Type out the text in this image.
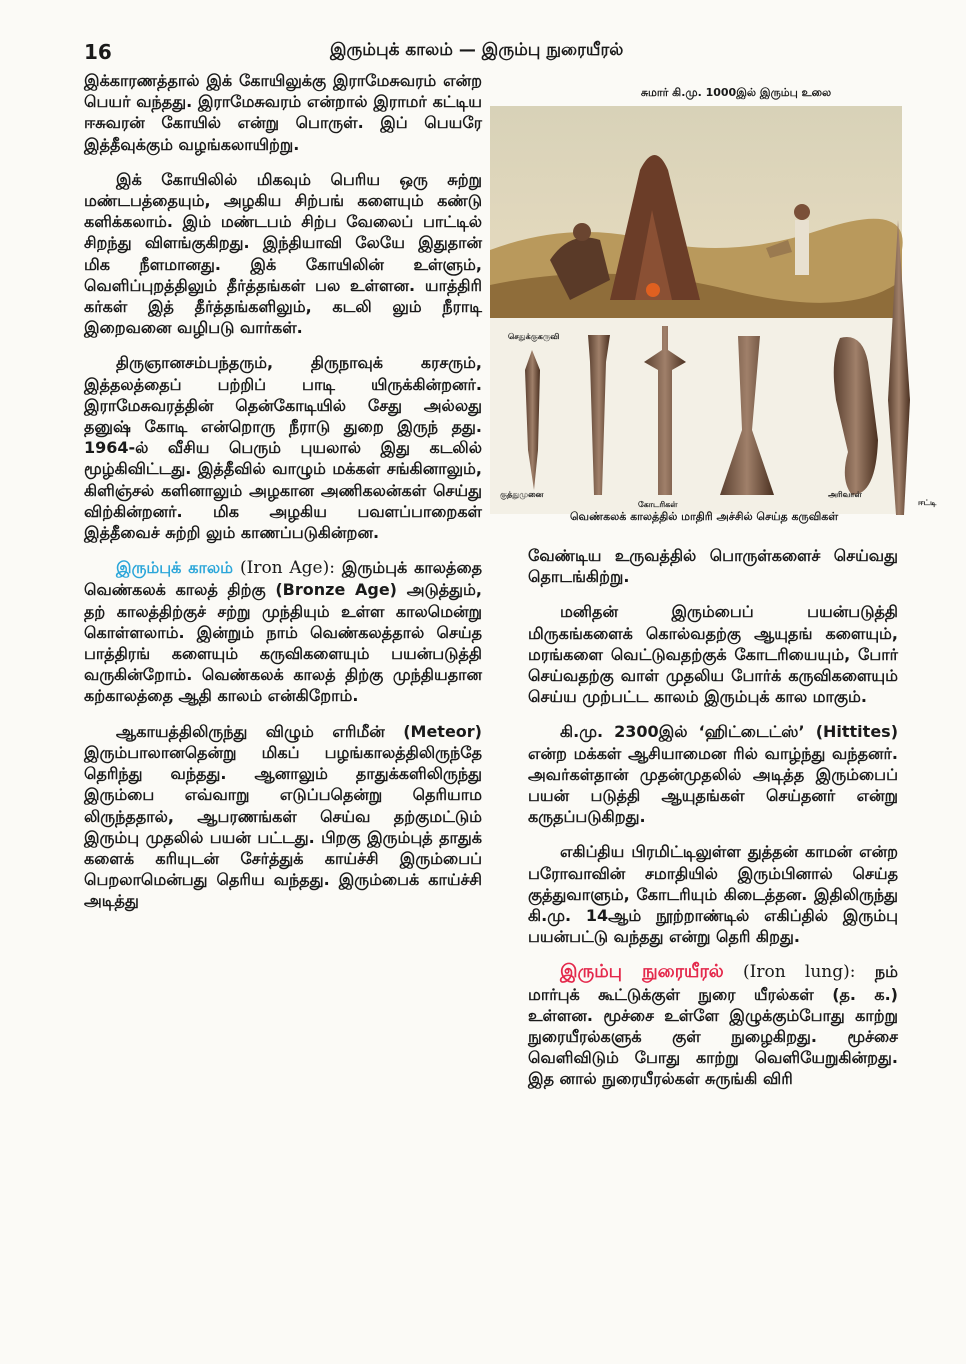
16	இரும்புக் காலம் — இரும்பு நுரையீரல்

இக்காரணத்தால் இக் கோயிலுக்கு இராமேசுவரம் என்ற பெயர் வந்தது. இராமேசுவரம் என்றால் இராமர் கட்டிய ஈசுவரன் கோயில் என்று பொருள். இப் பெயரே இத்தீவுக்கும் வழங்கலாயிற்று.

இக் கோயிலில் மிகவும் பெரிய ஒரு சுற்று மண்டபத்தையும், அழகிய சிற்பங் களையும் கண்டு களிக்கலாம். இம் மண்டபம் சிற்ப வேலைப் பாட்டில் சிறந்து விளங்குகிறது. இந்தியாவி லேயே இதுதான் மிக நீளமானது. இக் கோயிலின் உள்ளும், வெளிப்புறத்திலும் தீர்த்தங்கள் பல உள்ளன. யாத்திரி கர்கள் இத் தீர்த்தங்களிலும், கடலி லும் நீராடி இறைவனை வழிபடு வார்கள்.

திருஞானசம்பந்தரும், திருநாவுக் கரசரும், இத்தலத்தைப் பற்றிப் பாடி யிருக்கின்றனர். இராமேசுவரத்தின் தென்கோடியில் சேது அல்லது தனுஷ் கோடி என்றொரு நீராடு துறை இருந் தது. 1964-ல் வீசிய பெரும் புயலால் இது கடலில் மூழ்கிவிட்டது. இத்தீவில் வாழும் மக்கள் சங்கினாலும், கிளிஞ்சல் களினாலும் அழகான அணிகலன்கள் செய்து விற்கின்றனர். மிக அழகிய பவளப்பாறைகள் இத்தீவைச் சுற்றி லும் காணப்படுகின்றன.

இரும்புக் காலம் (Iron Age): இரும்புக் காலத்தை வெண்கலக் காலத் திற்கு (Bronze Age) அடுத்தும், தற் காலத்திற்குச் சற்று முந்தியும் உள்ள காலமென்று கொள்ளலாம். இன்றும் நாம் வெண்கலத்தால் செய்த பாத்திரங் களையும் கருவிகளையும் பயன்படுத்தி வருகின்றோம். வெண்கலக் காலத் திற்கு முந்தியதான கற்காலத்தை ஆதி காலம் என்கிறோம்.

ஆகாயத்திலிருந்து விழும் எரிமீன் (Meteor) இரும்பாலானதென்று மிகப் பழங்காலத்திலிருந்தே தெரிந்து வந்தது. ஆனாலும் தாதுக்களிலிருந்து இரும்பை எவ்வாறு எடுப்பதென்று தெரியாம லிருந்ததால், ஆபரணங்கள் செய்வ தற்குமட்டும் இரும்பு முதலில் பயன் பட்டது. பிறகு இரும்புத் தாதுக் களைக் கரியுடன் சேர்த்துக் காய்ச்சி இரும்பைப் பெறலாமென்பது தெரிய வந்தது. இரும்பைக் காய்ச்சி அடித்து

சுமார் கி.மு. 1000இல் இரும்பு உலை
செதுக்குகருவி
குத்துமுனை
கோடரிகள்
அரிவாள்
ஈட்டி
வெண்கலக் காலத்தில் மாதிரி அச்சில் செய்த கருவிகள்

வேண்டிய உருவத்தில் பொருள்களைச் செய்வது தொடங்கிற்று.

மனிதன் இரும்பைப் பயன்படுத்தி மிருகங்களைக் கொல்வதற்கு ஆயுதங் களையும், மரங்களை வெட்டுவதற்குக் கோடரியையும், போர் செய்வதற்கு வாள் முதலிய போர்க் கருவிகளையும் செய்ய முற்பட்ட காலம் இரும்புக் கால மாகும்.

கி.மு. 2300இல் ‘ஹிட்டைட்ஸ்’ (Hittites) என்ற மக்கள் ஆசியாமைன ரில் வாழ்ந்து வந்தனர். அவர்கள்தான் முதன்முதலில் அடித்த இரும்பைப் பயன் படுத்தி ஆயுதங்கள் செய்தனர் என்று கருதப்படுகிறது.

எகிப்திய பிரமிட்டிலுள்ள துத்தன் காமன் என்ற பரோவாவின் சமாதியில் இரும்பினால் செய்த குத்துவாளும், கோடரியும் கிடைத்தன. இதிலிருந்து கி.மு. 14ஆம் நூற்றாண்டில் எகிப்தில் இரும்பு பயன்பட்டு வந்தது என்று தெரி கிறது.

இரும்பு நுரையீரல் (Iron lung): நம் மார்புக் கூட்டுக்குள் நுரை யீரல்கள் (த. க.) உள்ளன. மூச்சை உள்ளே இழுக்கும்போது காற்று நுரையீரல்களுக் குள் நுழைகிறது. மூச்சை வெளிவிடும் போது காற்று வெளியேறுகின்றது. இத னால் நுரையீரல்கள் சுருங்கி விரி
